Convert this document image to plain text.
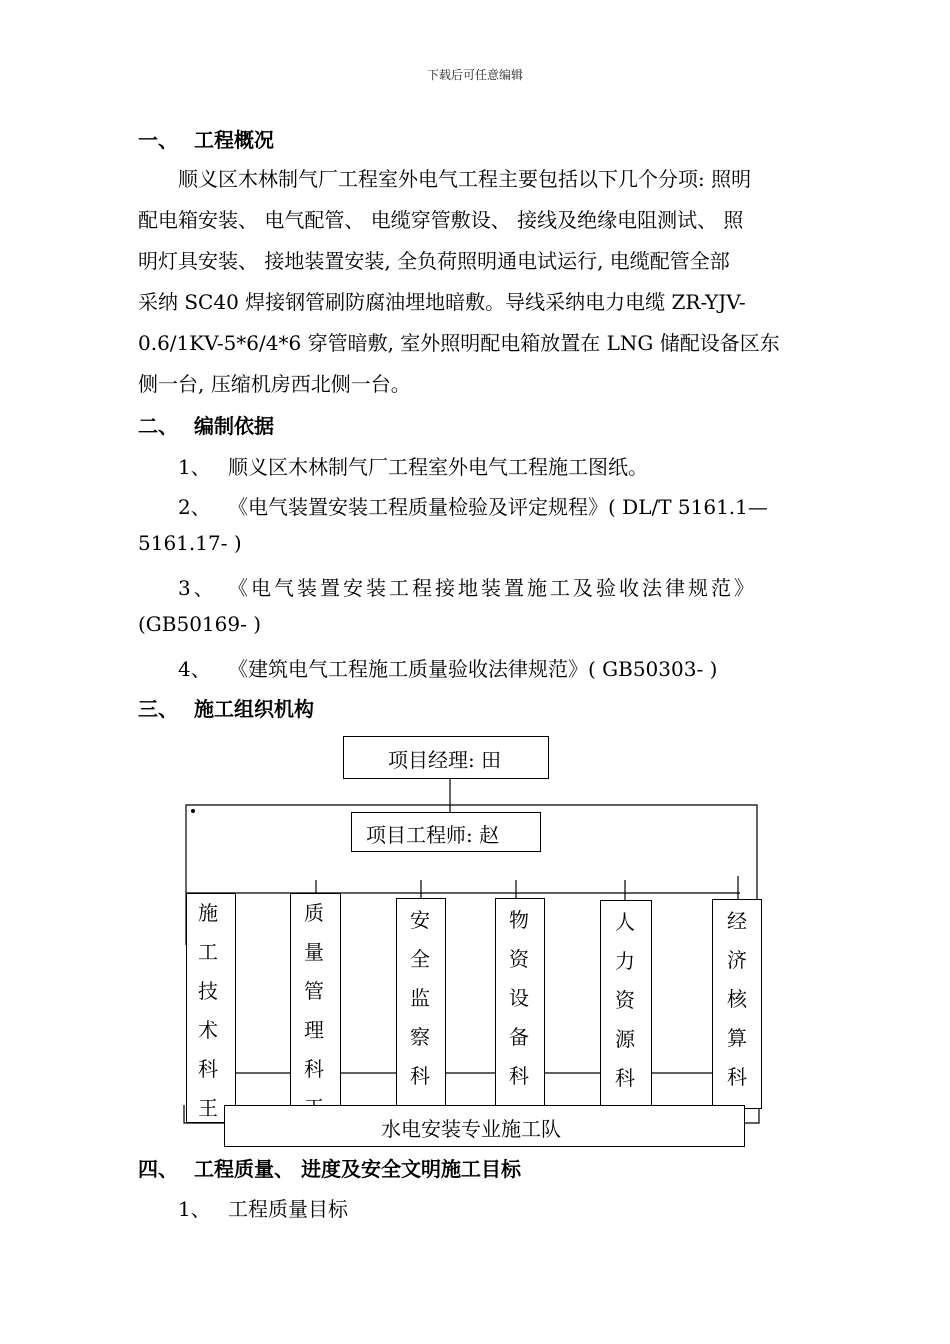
下载后可任意编辑
一、 工程概况
顺义区木林制气厂工程室外电气工程主要包括以下几个分项: 照明
配电箱安装、 电气配管、 电缆穿管敷设、 接线及绝缘电阻测试、 照
明灯具安装、 接地装置安装, 全负荷照明通电试运行, 电缆配管全部
采纳 SC40 焊接钢管刷防腐油埋地暗敷。导线采纳电力电缆 ZR-YJV-
0.6/1KV-5*6/4*6 穿管暗敷, 室外照明配电箱放置在 LNG 储配设备区东
侧一台, 压缩机房西北侧一台。
二、 编制依据
1、 顺义区木林制气厂工程室外电气工程施工图纸。
2、 《电气装置安装工程质量检验及评定规程》( DL/T 5161.1—
5161.17- )
3、 《电气装置安装工程接地装置施工及验收法律规范》
(GB50169- )
4、 《建筑电气工程施工质量验收法律规范》( GB50303- )
三、 施工组织机构
项目经理: 田
项目工程师: 赵
施
工
技
术
科
王
质
量
管
理
科
安
全
监
察
科
物
资
设
备
科
人
力
资
源
科
经
济
核
算
科
水电安装专业施工队
四、 工程质量、 进度及安全文明施工目标
1、 工程质量目标
